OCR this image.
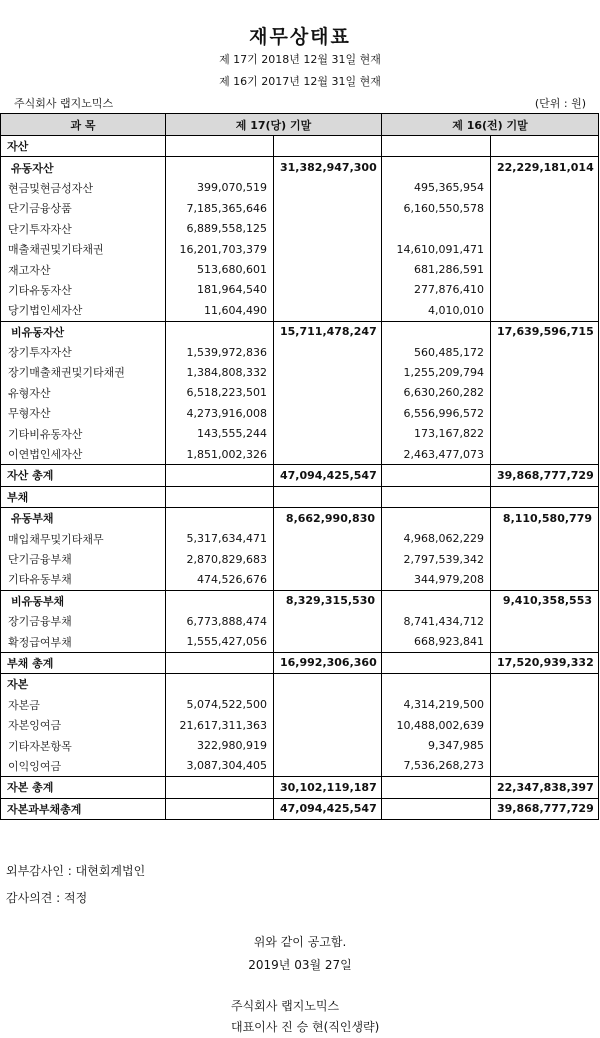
재무상태표
제 17기 2018년 12월 31일 현재
제 16기 2017년 12월 31일 현재
주식회사 랩지노믹스	(단위 : 원)
과 목	제 17(당) 기말		제 16(전) 기말	
자산				
유동자산		31,382,947,300		22,229,181,014
현금및현금성자산	399,070,519		495,365,954	
단기금융상품	7,185,365,646		6,160,550,578	
단기투자자산	6,889,558,125			
매출채권및기타채권	16,201,703,379		14,610,091,471	
재고자산	513,680,601		681,286,591	
기타유동자산	181,964,540		277,876,410	
당기법인세자산	11,604,490		4,010,010	
비유동자산		15,711,478,247		17,639,596,715
장기투자자산	1,539,972,836		560,485,172	
장기매출채권및기타채권	1,384,808,332		1,255,209,794	
유형자산	6,518,223,501		6,630,260,282	
무형자산	4,273,916,008		6,556,996,572	
기타비유동자산	143,555,244		173,167,822	
이연법인세자산	1,851,002,326		2,463,477,073	
자산 총계		47,094,425,547		39,868,777,729
부채				
유동부채		8,662,990,830		8,110,580,779
매입채무및기타채무	5,317,634,471		4,968,062,229	
단기금융부채	2,870,829,683		2,797,539,342	
기타유동부채	474,526,676		344,979,208	
비유동부채		8,329,315,530		9,410,358,553
장기금융부채	6,773,888,474		8,741,434,712	
확정급여부채	1,555,427,056		668,923,841	
부채 총계		16,992,306,360		17,520,939,332
자본				
자본금	5,074,522,500		4,314,219,500	
자본잉여금	21,617,311,363		10,488,002,639	
기타자본항목	322,980,919		9,347,985	
이익잉여금	3,087,304,405		7,536,268,273	
자본 총계		30,102,119,187		22,347,838,397
자본과부채총계		47,094,425,547		39,868,777,729
외부감사인 : 대현회계법인
감사의견 : 적정
위와 같이 공고함.
2019년 03월 27일
주식회사 랩지노믹스
대표이사 진 승 현(직인생략)
